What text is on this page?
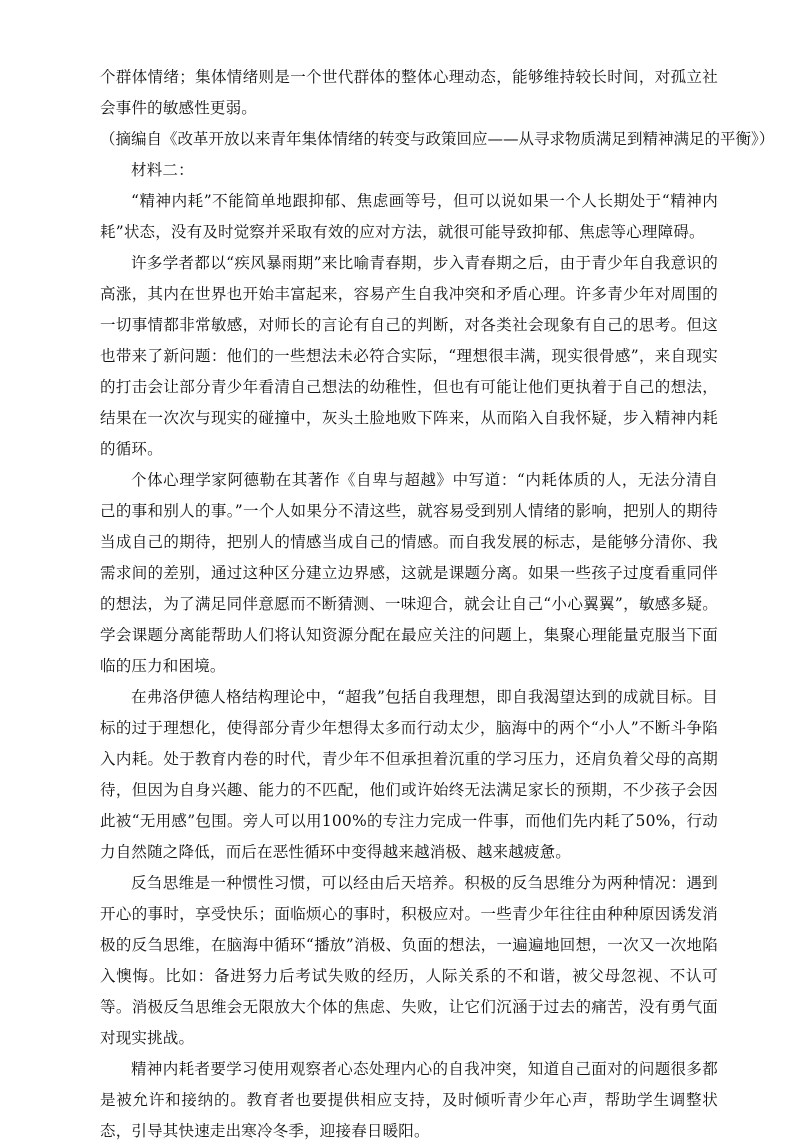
个群体情绪；集体情绪则是一个世代群体的整体心理动态，能够维持较长时间，对孤立社会事件的敏感性更弱。

（摘编自《改革开放以来青年集体情绪的转变与政策回应——从寻求物质满足到精神满足的平衡》）

材料二：

“精神内耗”不能简单地跟抑郁、焦虑画等号，但可以说如果一个人长期处于“精神内耗”状态，没有及时觉察并采取有效的应对方法，就很可能导致抑郁、焦虑等心理障碍。

许多学者都以“疾风暴雨期”来比喻青春期，步入青春期之后，由于青少年自我意识的高涨，其内在世界也开始丰富起来，容易产生自我冲突和矛盾心理。许多青少年对周围的一切事情都非常敏感，对师长的言论有自己的判断，对各类社会现象有自己的思考。但这也带来了新问题：他们的一些想法未必符合实际，“理想很丰满，现实很骨感”，来自现实的打击会让部分青少年看清自己想法的幼稚性，但也有可能让他们更执着于自己的想法，结果在一次次与现实的碰撞中，灰头土脸地败下阵来，从而陷入自我怀疑，步入精神内耗的循环。

个体心理学家阿德勒在其著作《自卑与超越》中写道：“内耗体质的人，无法分清自己的事和别人的事。”一个人如果分不清这些，就容易受到别人情绪的影响，把别人的期待当成自己的期待，把别人的情感当成自己的情感。而自我发展的标志，是能够分清你、我需求间的差别，通过这种区分建立边界感，这就是课题分离。如果一些孩子过度看重同伴的想法，为了满足同伴意愿而不断猜测、一味迎合，就会让自己“小心翼翼”，敏感多疑。学会课题分离能帮助人们将认知资源分配在最应关注的问题上，集聚心理能量克服当下面临的压力和困境。

在弗洛伊德人格结构理论中，“超我”包括自我理想，即自我渴望达到的成就目标。目标的过于理想化，使得部分青少年想得太多而行动太少，脑海中的两个“小人”不断斗争陷入内耗。处于教育内卷的时代，青少年不但承担着沉重的学习压力，还肩负着父母的高期待，但因为自身兴趣、能力的不匹配，他们或许始终无法满足家长的预期，不少孩子会因此被“无用感”包围。旁人可以用100%的专注力完成一件事，而他们先内耗了50%，行动力自然随之降低，而后在恶性循环中变得越来越消极、越来越疲惫。

反刍思维是一种惯性习惯，可以经由后天培养。积极的反刍思维分为两种情况：遇到开心的事时，享受快乐；面临烦心的事时，积极应对。一些青少年往往由种种原因诱发消极的反刍思维，在脑海中循环“播放”消极、负面的想法，一遍遍地回想，一次又一次地陷入懊悔。比如：备进努力后考试失败的经历，人际关系的不和谐，被父母忽视、不认可等。消极反刍思维会无限放大个体的焦虑、失败，让它们沉涵于过去的痛苦，没有勇气面对现实挑战。

精神内耗者要学习使用观察者心态处理内心的自我冲突，知道自己面对的问题很多都是被允许和接纳的。教育者也要提供相应支持，及时倾听青少年心声，帮助学生调整状态，引导其快速走出寒冷冬季，迎接春日暖阳。
